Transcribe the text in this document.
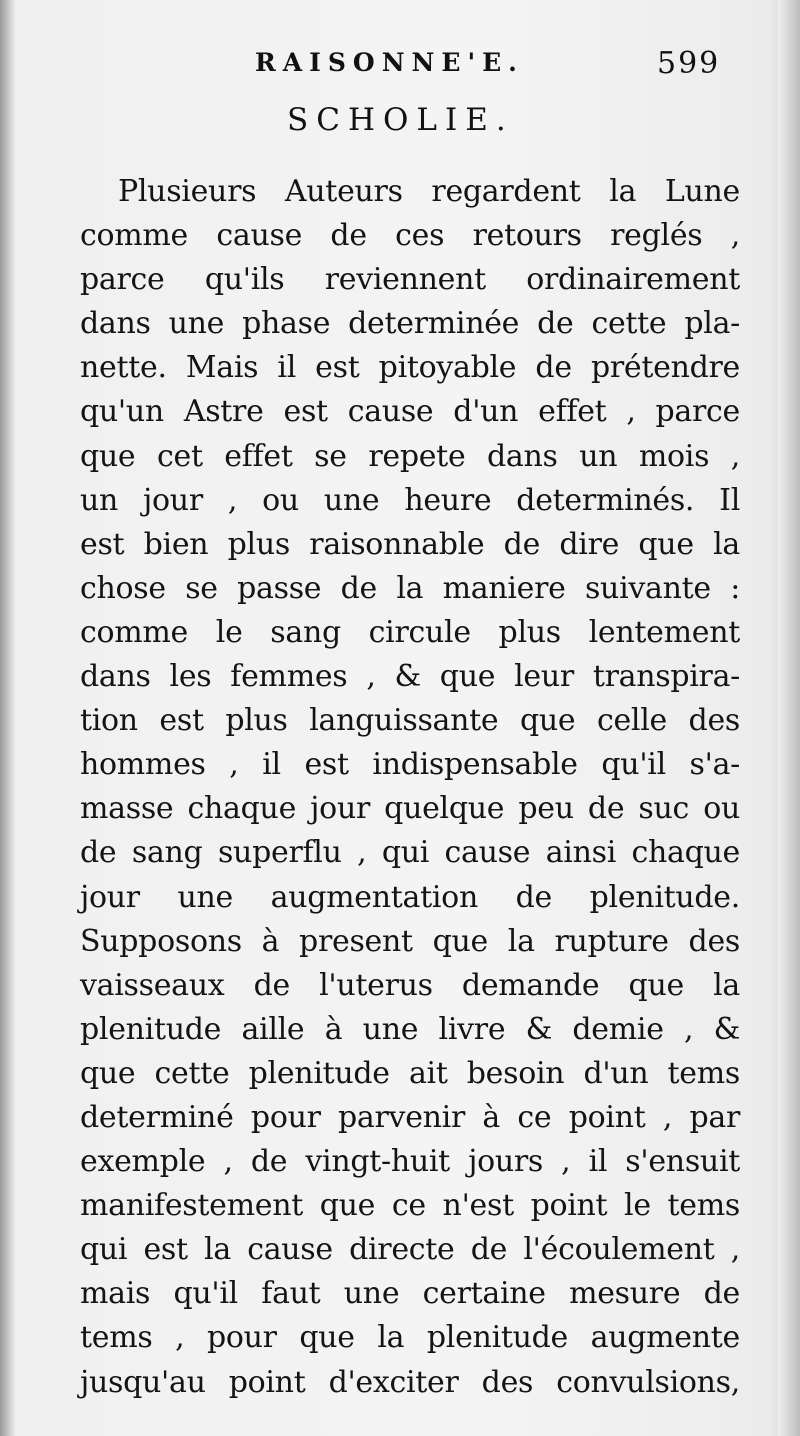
RAISONNE'E.	599
SCHOLIE.
Plusieurs Auteurs regardent la Lune
comme cause de ces retours reglés ,
parce qu'ils reviennent ordinairement
dans une phase determinée de cette pla-
nette. Mais il est pitoyable de prétendre
qu'un Astre est cause d'un effet , parce
que cet effet se repete dans un mois ,
un jour , ou une heure determinés. Il
est bien plus raisonnable de dire que la
chose se passe de la maniere suivante :
comme le sang circule plus lentement
dans les femmes , & que leur transpira-
tion est plus languissante que celle des
hommes , il est indispensable qu'il s'a-
masse chaque jour quelque peu de suc ou
de sang superflu , qui cause ainsi chaque
jour une augmentation de plenitude.
Supposons à present que la rupture des
vaisseaux de l'uterus demande que la
plenitude aille à une livre & demie , &
que cette plenitude ait besoin d'un tems
determiné pour parvenir à ce point , par
exemple , de vingt-huit jours , il s'ensuit
manifestement que ce n'est point le tems
qui est la cause directe de l'écoulement ,
mais qu'il faut une certaine mesure de
tems , pour que la plenitude augmente
jusqu'au point d'exciter des convulsions,
